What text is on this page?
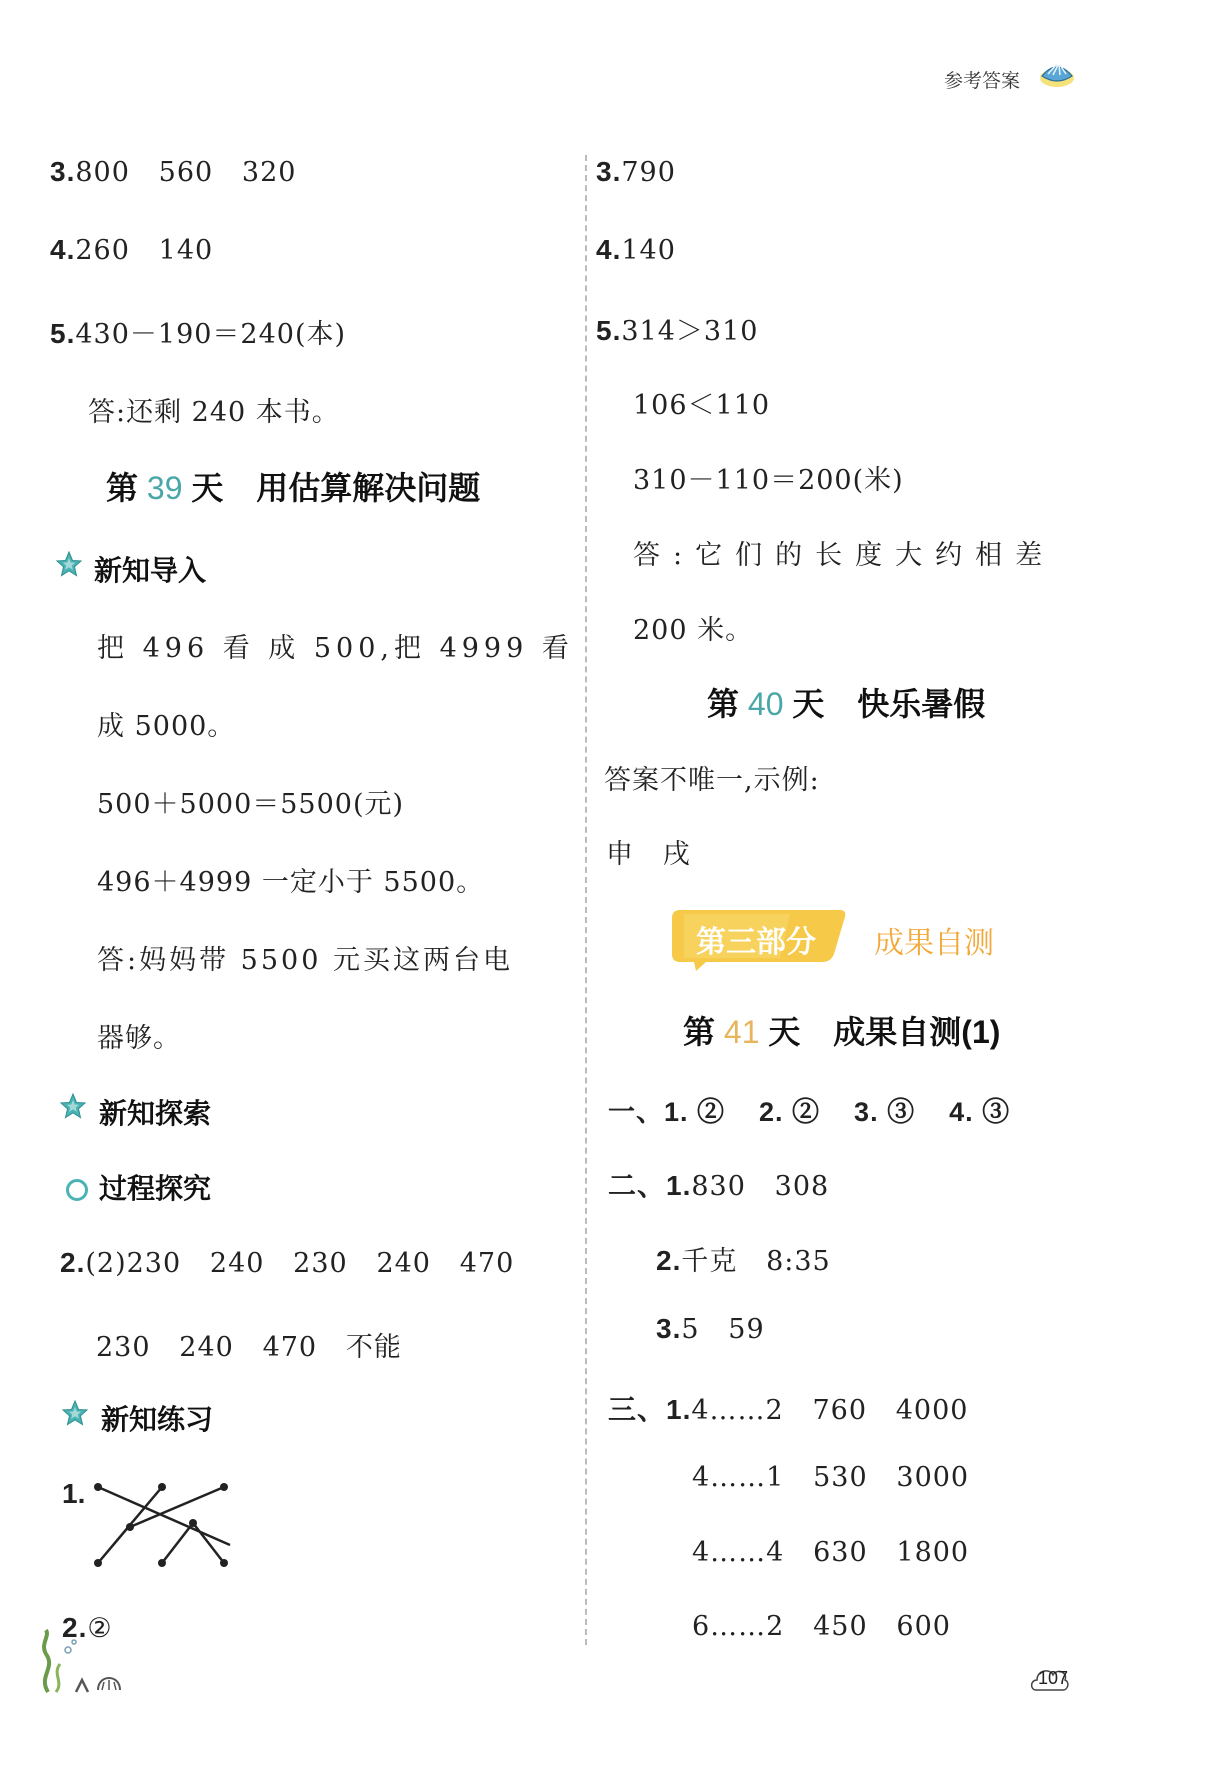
参考答案
3.800   560   320
4.260   140
5.430－190＝240(本)
答:还剩 240 本书。
第 39 天 用估算解决问题
新知导入
把 496 看 成 500,把 4999 看
成 5000。
500＋5000＝5500(元)
496＋4999 一定小于 5500。
答:妈妈带 5500 元买这两台电
器够。
新知探索
过程探究
2.(2)230   240   230   240   470
230   240   470   不能
新知练习
1.
2.②
3.790
4.140
5.314＞310
106＜110
310－110＝200(米)
答:它们的长度大约相差
200 米。
第 40 天 快乐暑假
答案不唯一,示例:
申   戌
第三部分 成果自测
第 41 天 成果自测(1)
一、1. ②    2. ②    3. ③    4. ③
二、1.830   308
2.千克   8:35
3.5   59
三、1.4……2   760   4000
4……1   530   3000
4……4   630   1800
6……2   450   600
107
